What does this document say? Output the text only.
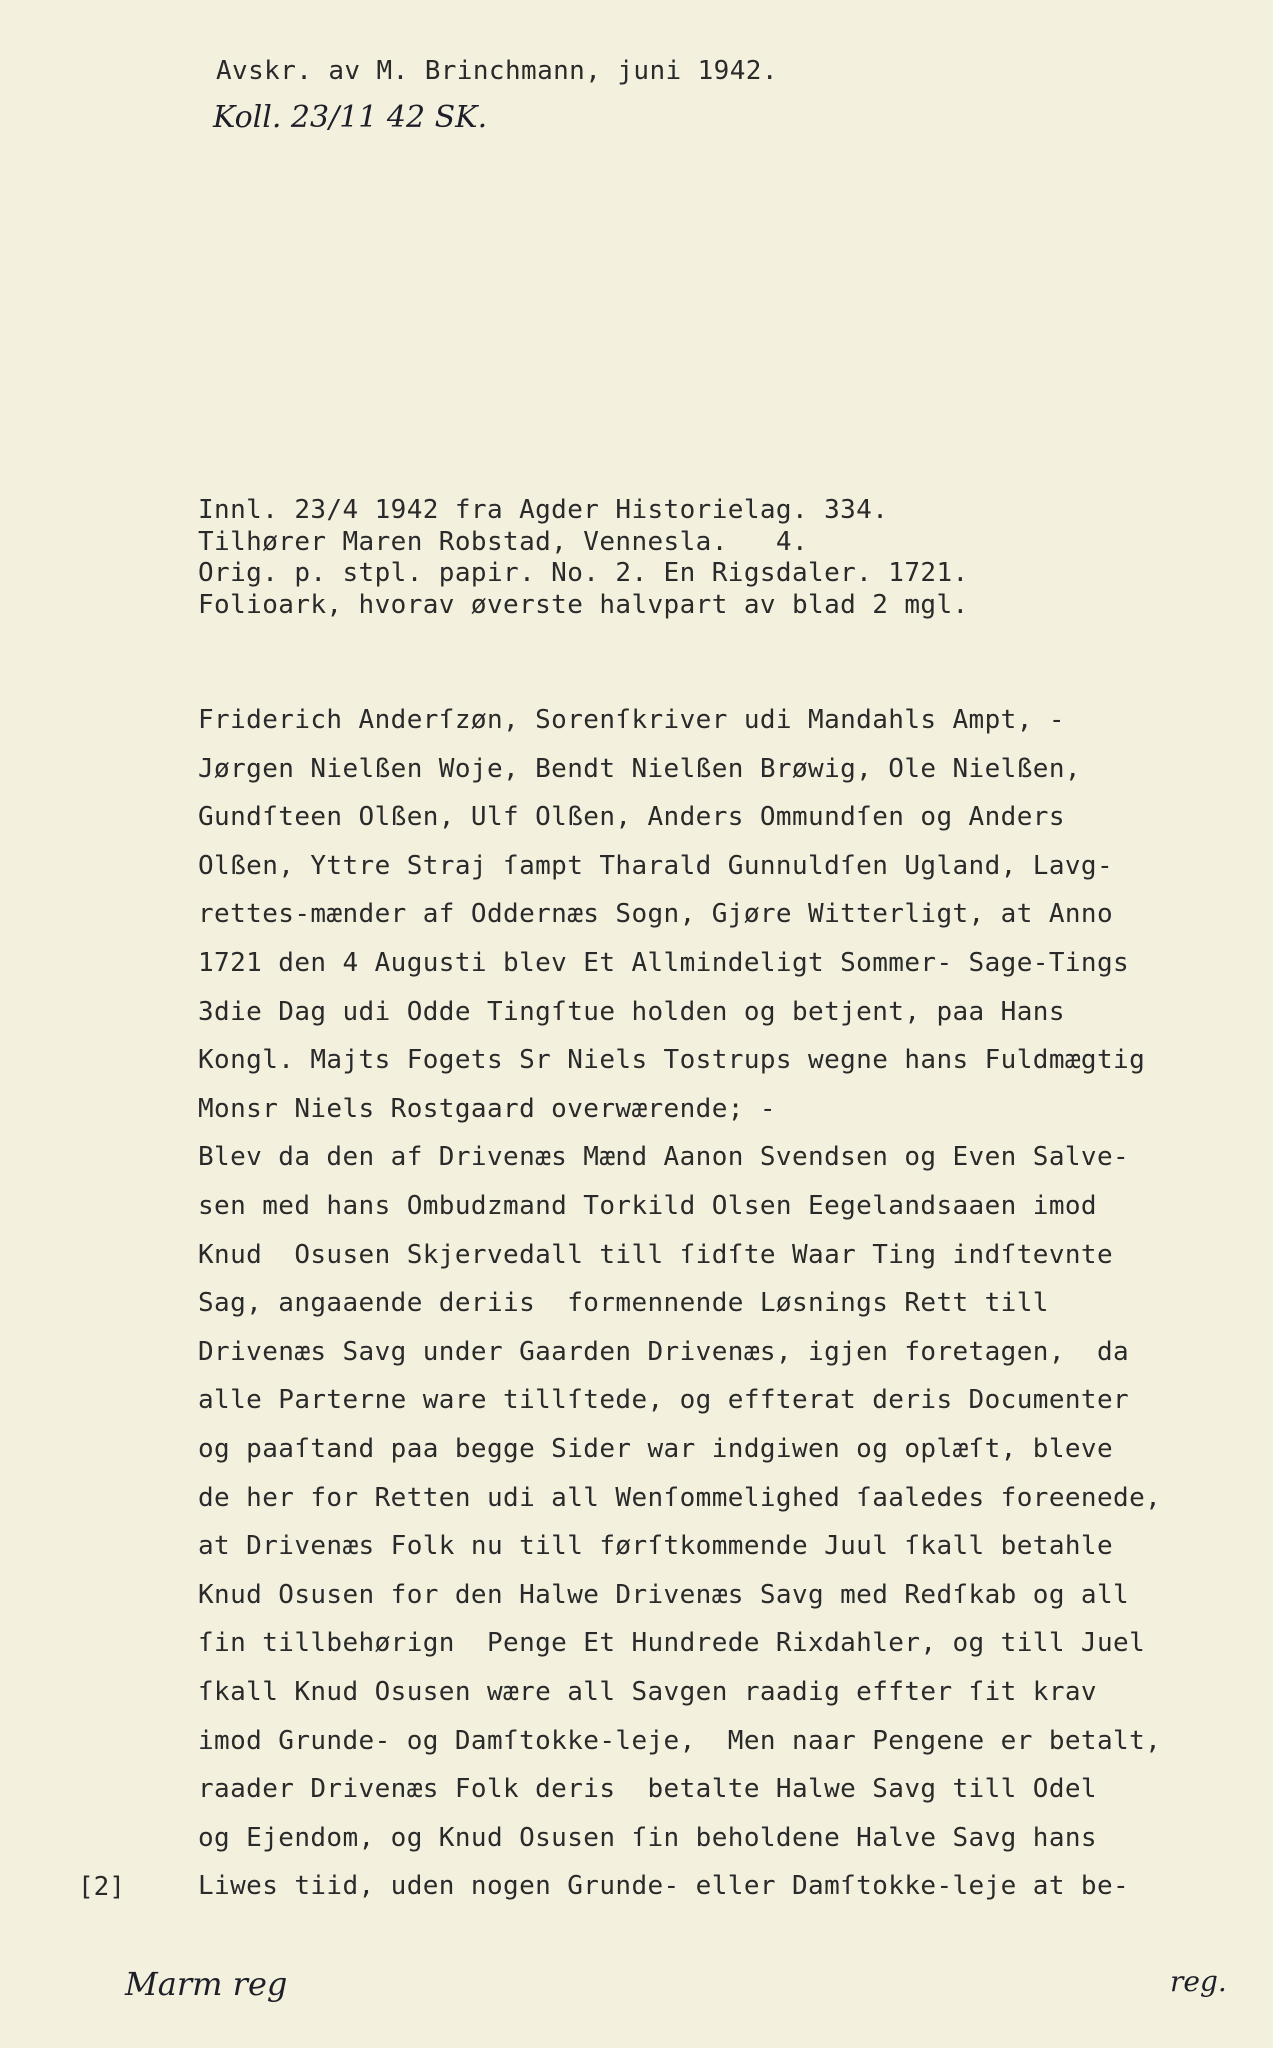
Avskr. av M. Brinchmann, juni 1942.
Koll. 23/11 42 SK.
Innl. 23/4 1942 fra Agder Historielag. 334.
Tilhører Maren Robstad, Vennesla.   4.
Orig. p. stpl. papir. No. 2. En Rigsdaler. 1721.
Folioark, hvorav øverste halvpart av blad 2 mgl.
Friderich Anderſzøn, Sorenſkriver udi Mandahls Ampt, -
Jørgen Nielßen Woje, Bendt Nielßen Brøwig, Ole Nielßen,
Gundſteen Olßen, Ulf Olßen, Anders Ommundſen og Anders
Olßen, Yttre Straj ſampt Tharald Gunnuldſen Ugland, Lavg-
rettes-mænder af Oddernæs Sogn, Gjøre Witterligt, at Anno
1721 den 4 Augusti blev Et Allmindeligt Sommer- Sage-Tings
3die Dag udi Odde Tingſtue holden og betjent, paa Hans
Kongl. Majts Fogets Sr Niels Tostrups wegne hans Fuldmægtig
Monsr Niels Rostgaard overwærende; -
Blev da den af Drivenæs Mænd Aanon Svendsen og Even Salve-
sen med hans Ombudzmand Torkild Olsen Eegelandsaaen imod
Knud  Osusen Skjervedall till ſidſte Waar Ting indſtevnte
Sag, angaaende deriis  formennende Løsnings Rett till
Drivenæs Savg under Gaarden Drivenæs, igjen foretagen,  da
alle Parterne ware tillſtede, og effterat deris Documenter
og paaſtand paa begge Sider war indgiwen og oplæſt, bleve
de her for Retten udi all Wenſommelighed ſaaledes foreenede,
at Drivenæs Folk nu till førſtkommende Juul ſkall betahle
Knud Osusen for den Halwe Drivenæs Savg med Redſkab og all
ſin tillbehørign  Penge Et Hundrede Rixdahler, og till Juel
ſkall Knud Osusen wære all Savgen raadig effter ſit krav
imod Grunde- og Damſtokke-leje,  Men naar Pengene er betalt,
raader Drivenæs Folk deris  betalte Halwe Savg till Odel
og Ejendom, og Knud Osusen ſin beholdene Halve Savg hans
Liwes tiid, uden nogen Grunde- eller Damſtokke-leje at be-
[2]
Marm reg	reg.
